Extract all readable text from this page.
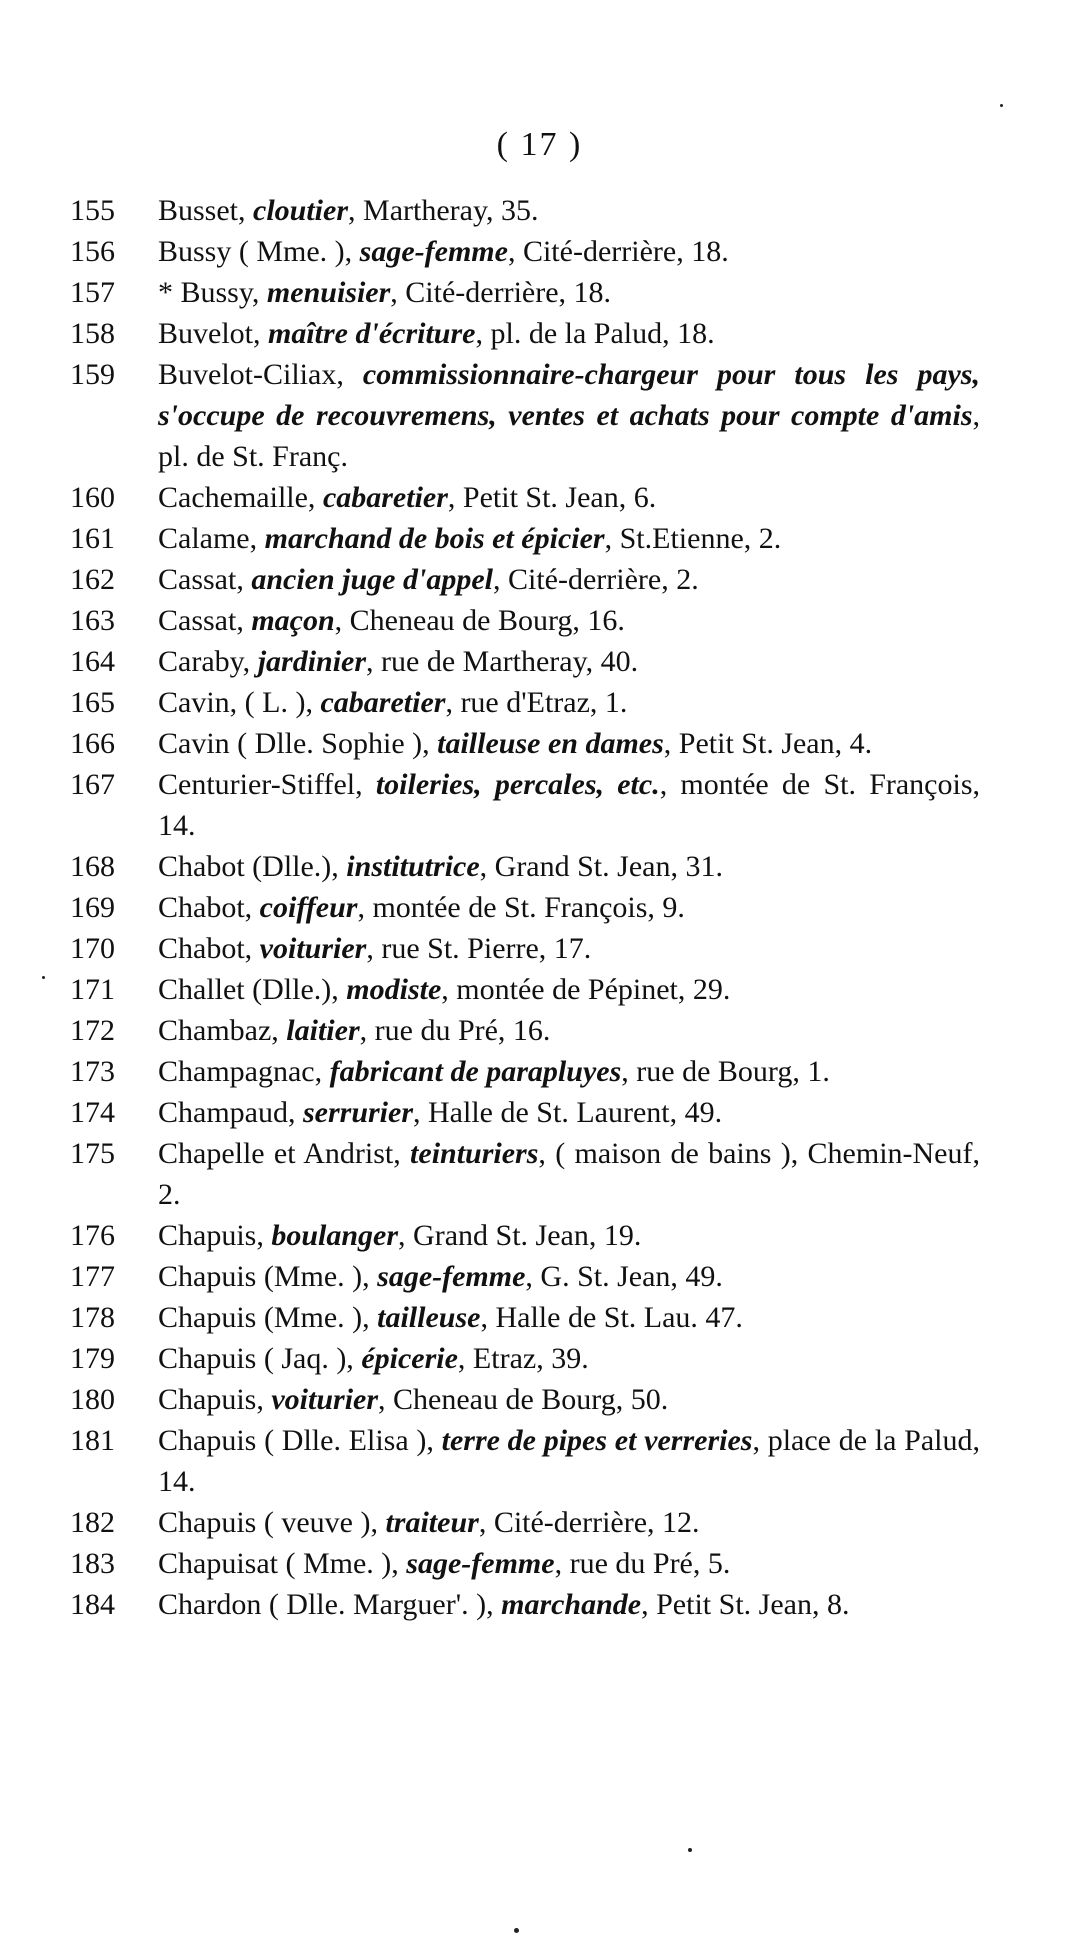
( 17 )
155	Busset, cloutier, Martheray, 35.
156	Bussy ( Mme. ), sage-femme, Cité-derrière, 18.
157	* Bussy, menuisier, Cité-derrière, 18.
158	Buvelot, maître d'écriture, pl. de la Palud, 18.
159	Buvelot-Ciliax, commissionnaire-chargeur pour tous les pays, s'occupe de recouvremens, ventes et achats pour compte d'amis, pl. de St. Franç.
160	Cachemaille, cabaretier, Petit St. Jean, 6.
161	Calame, marchand de bois et épicier, St.Etienne, 2.
162	Cassat, ancien juge d'appel, Cité-derrière, 2.
163	Cassat, maçon, Cheneau de Bourg, 16.
164	Caraby, jardinier, rue de Martheray, 40.
165	Cavin, ( L. ), cabaretier, rue d'Etraz, 1.
166	Cavin ( Dlle. Sophie ), tailleuse en dames, Petit St. Jean, 4.
167	Centurier-Stiffel, toileries, percales, etc., montée de St. François, 14.
168	Chabot (Dlle.), institutrice, Grand St. Jean, 31.
169	Chabot, coiffeur, montée de St. François, 9.
170	Chabot, voiturier, rue St. Pierre, 17.
171	Challet (Dlle.), modiste, montée de Pépinet, 29.
172	Chambaz, laitier, rue du Pré, 16.
173	Champagnac, fabricant de parapluyes, rue de Bourg, 1.
174	Champaud, serrurier, Halle de St. Laurent, 49.
175	Chapelle et Andrist, teinturiers, ( maison de bains ), Chemin-Neuf, 2.
176	Chapuis, boulanger, Grand St. Jean, 19.
177	Chapuis (Mme. ), sage-femme, G. St. Jean, 49.
178	Chapuis (Mme. ), tailleuse, Halle de St. Lau. 47.
179	Chapuis ( Jaq. ), épicerie, Etraz, 39.
180	Chapuis, voiturier, Cheneau de Bourg, 50.
181	Chapuis ( Dlle. Elisa ), terre de pipes et verreries, place de la Palud, 14.
182	Chapuis ( veuve ), traiteur, Cité-derrière, 12.
183	Chapuisat ( Mme. ), sage-femme, rue du Pré, 5.
184	Chardon ( Dlle. Marguer'. ), marchande, Petit St. Jean, 8.
